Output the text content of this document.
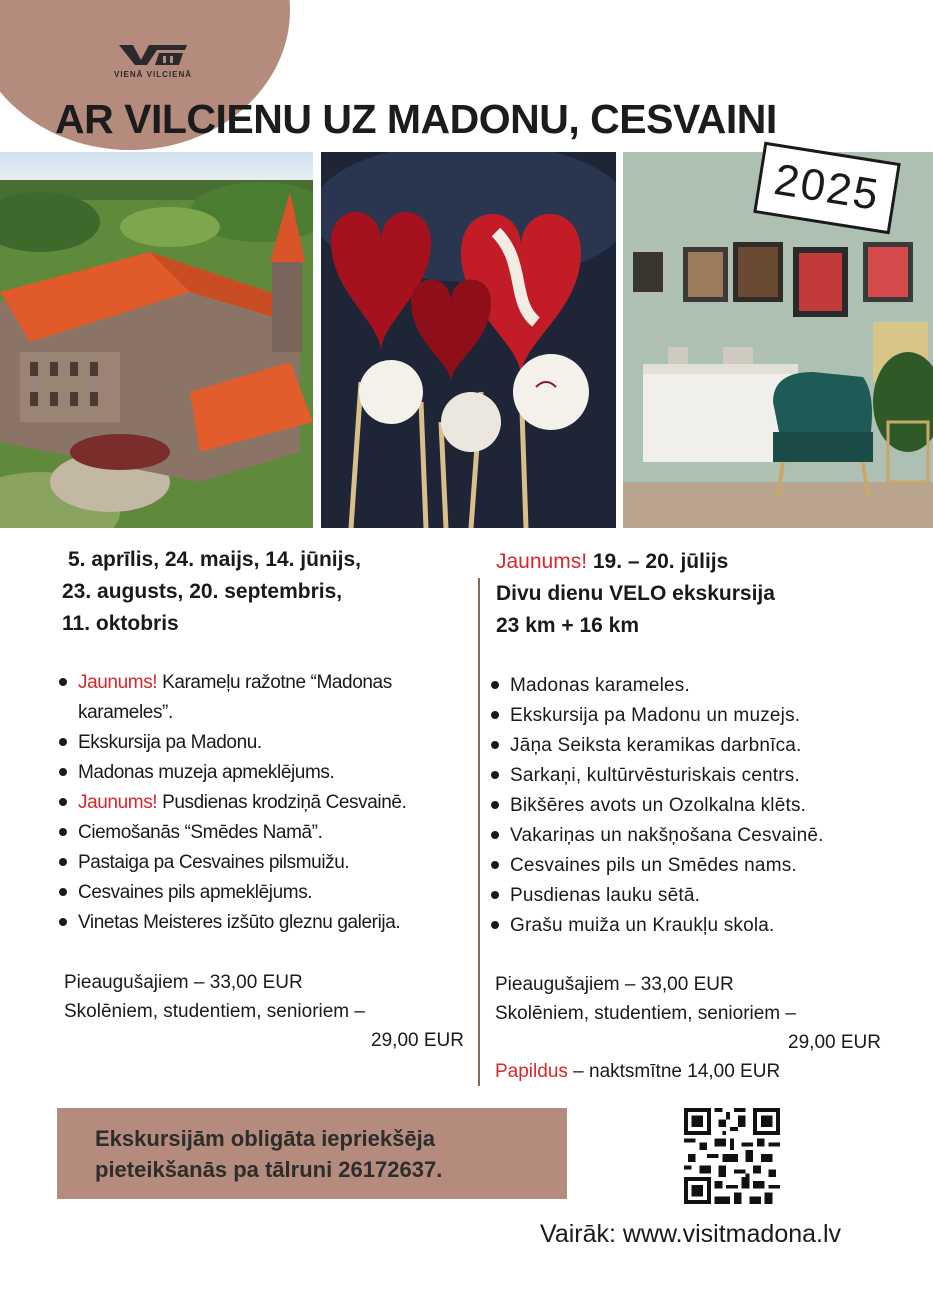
VIENĀ VILCIENĀ
AR VILCIENU UZ MADONU, CESVAINI
2025
5. aprīlis, 24. maijs, 14. jūnijs,
23. augusts, 20. septembris,
11. oktobris
Jaunums! Karameļu ražotne “Madonas karameles”.
Ekskursija pa Madonu.
Madonas muzeja apmeklējums.
Jaunums! Pusdienas krodziņā Cesvainē.
Ciemošanās “Smēdes Namā”.
Pastaiga pa Cesvaines pilsmuižu.
Cesvaines pils apmeklējums.
Vinetas Meisteres izšūto gleznu galerija.
Pieaugušajiem – 33,00 EUR
Skolēniem, studentiem, senioriem –
29,00 EUR
Jaunums! 19. – 20. jūlijs
Divu dienu VELO ekskursija
23 km + 16 km
Madonas karameles.
Ekskursija pa Madonu un muzejs.
Jāņa Seiksta keramikas darbnīca.
Sarkaņi, kultūrvēsturiskais centrs.
Bikšēres avots un Ozolkalna klēts.
Vakariņas un nakšņošana Cesvainē.
Cesvaines pils un Smēdes nams.
Pusdienas lauku sētā.
Grašu muiža un Kraukļu skola.
Pieaugušajiem – 33,00 EUR
Skolēniem, studentiem, senioriem –
29,00 EUR
Papildus – naktsmītne 14,00 EUR
Ekskursijām obligāta iepriekšēja
pieteikšanās pa tālruni 26172637.
Vairāk: www.visitmadona.lv
